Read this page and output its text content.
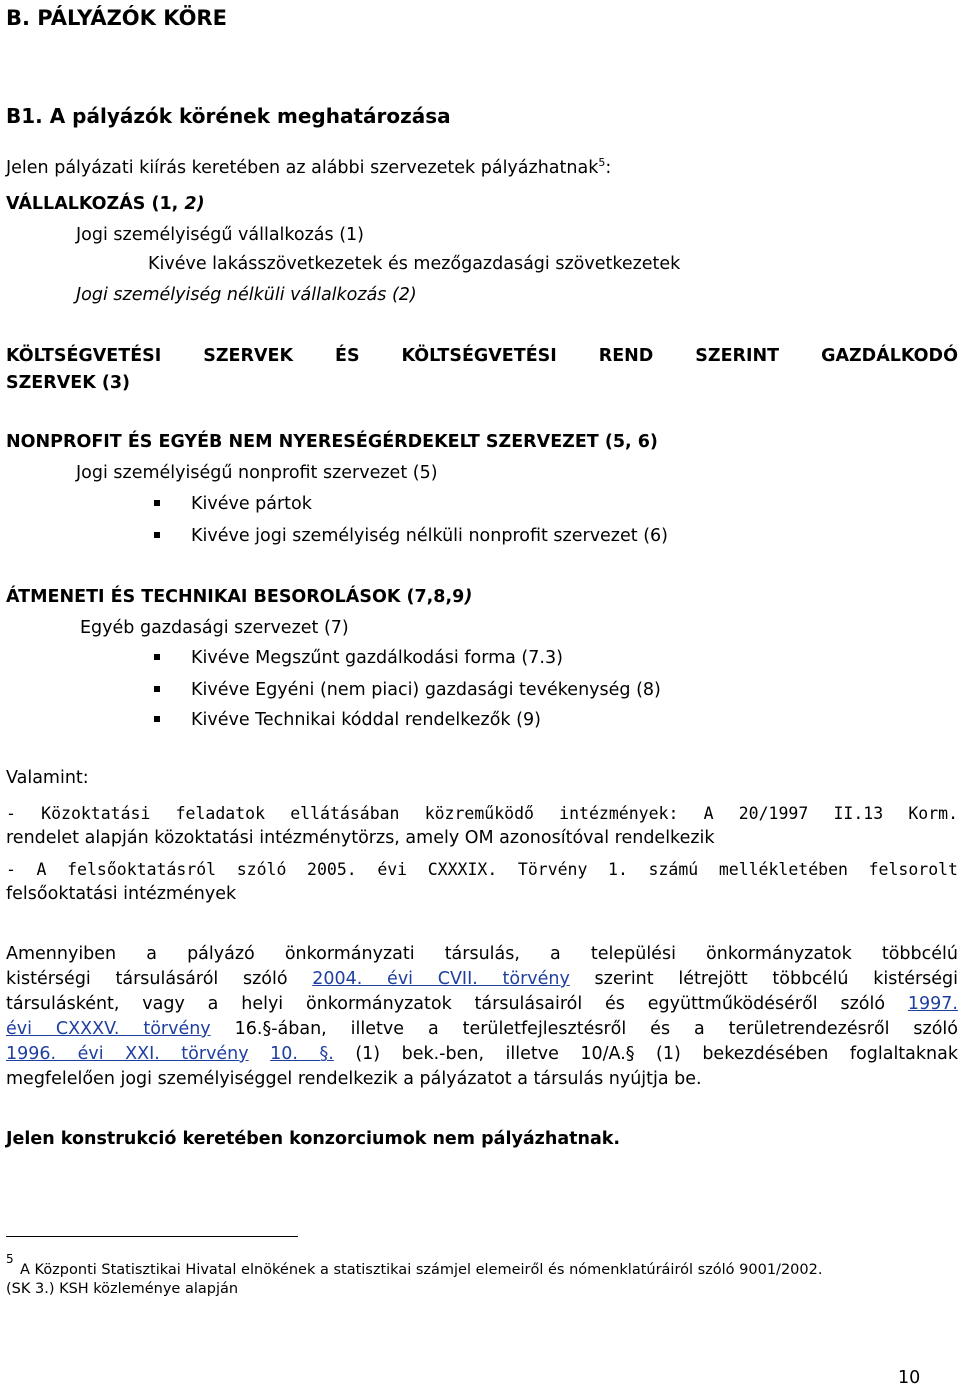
B. PÁLYÁZÓK KÖRE
B1. A pályázók körének meghatározása
Jelen pályázati kiírás keretében az alábbi szervezetek pályázhatnak$^5$:
VÁLLALKOZÁS (1, 2)
Jogi személyiségű vállalkozás (1)
Kivéve lakásszövetkezetek és mezőgazdasági szövetkezetek
Jogi személyiség nélküli vállalkozás (2)
KÖLTSÉGVETÉSI SZERVEK ÉS KÖLTSÉGVETÉSI REND SZERINT GAZDÁLKODÓ
SZERVEK (3)
NONPROFIT ÉS EGYÉB NEM NYERESÉGÉRDEKELT SZERVEZET (5, 6)
Jogi személyiségű nonprofit szervezet (5)
Kivéve pártok
Kivéve jogi személyiség nélküli nonprofit szervezet (6)
ÁTMENETI ÉS TECHNIKAI BESOROLÁSOK (7,8,9)
Egyéb gazdasági szervezet (7)
Kivéve Megszűnt gazdálkodási forma (7.3)
Kivéve Egyéni (nem piaci) gazdasági tevékenység (8)
Kivéve Technikai kóddal rendelkezők (9)
Valamint:
- Közoktatási feladatok ellátásában közreműködő intézmények: A 20/1997 II.13 Korm.
rendelet alapján közoktatási intézménytörzs, amely OM azonosítóval rendelkezik
- A felsőoktatásról szóló 2005. évi CXXXIX. Törvény 1. számú mellékletében felsorolt
felsőoktatási intézmények
Amennyiben a pályázó önkormányzati társulás, a települési önkormányzatok többcélú
kistérségi társulásáról szóló 2004. évi CVII. törvény szerint létrejött többcélú kistérségi
társulásként, vagy a helyi önkormányzatok társulásairól és együttműködéséről szóló 1997.
évi CXXXV. törvény 16.§-ában, illetve a területfejlesztésről és a területrendezésről szóló
1996. évi XXI. törvény 10. §. (1) bek.-ben, illetve 10/A.§ (1) bekezdésében foglaltaknak
megfelelően jogi személyiséggel rendelkezik a pályázatot a társulás nyújtja be.
Jelen konstrukció keretében konzorciumok nem pályázhatnak.
5
A Központi Statisztikai Hivatal elnökének a statisztikai számjel elemeiről és nómenklatúráiról szóló 9001/2002.
(SK 3.) KSH közleménye alapján
10
